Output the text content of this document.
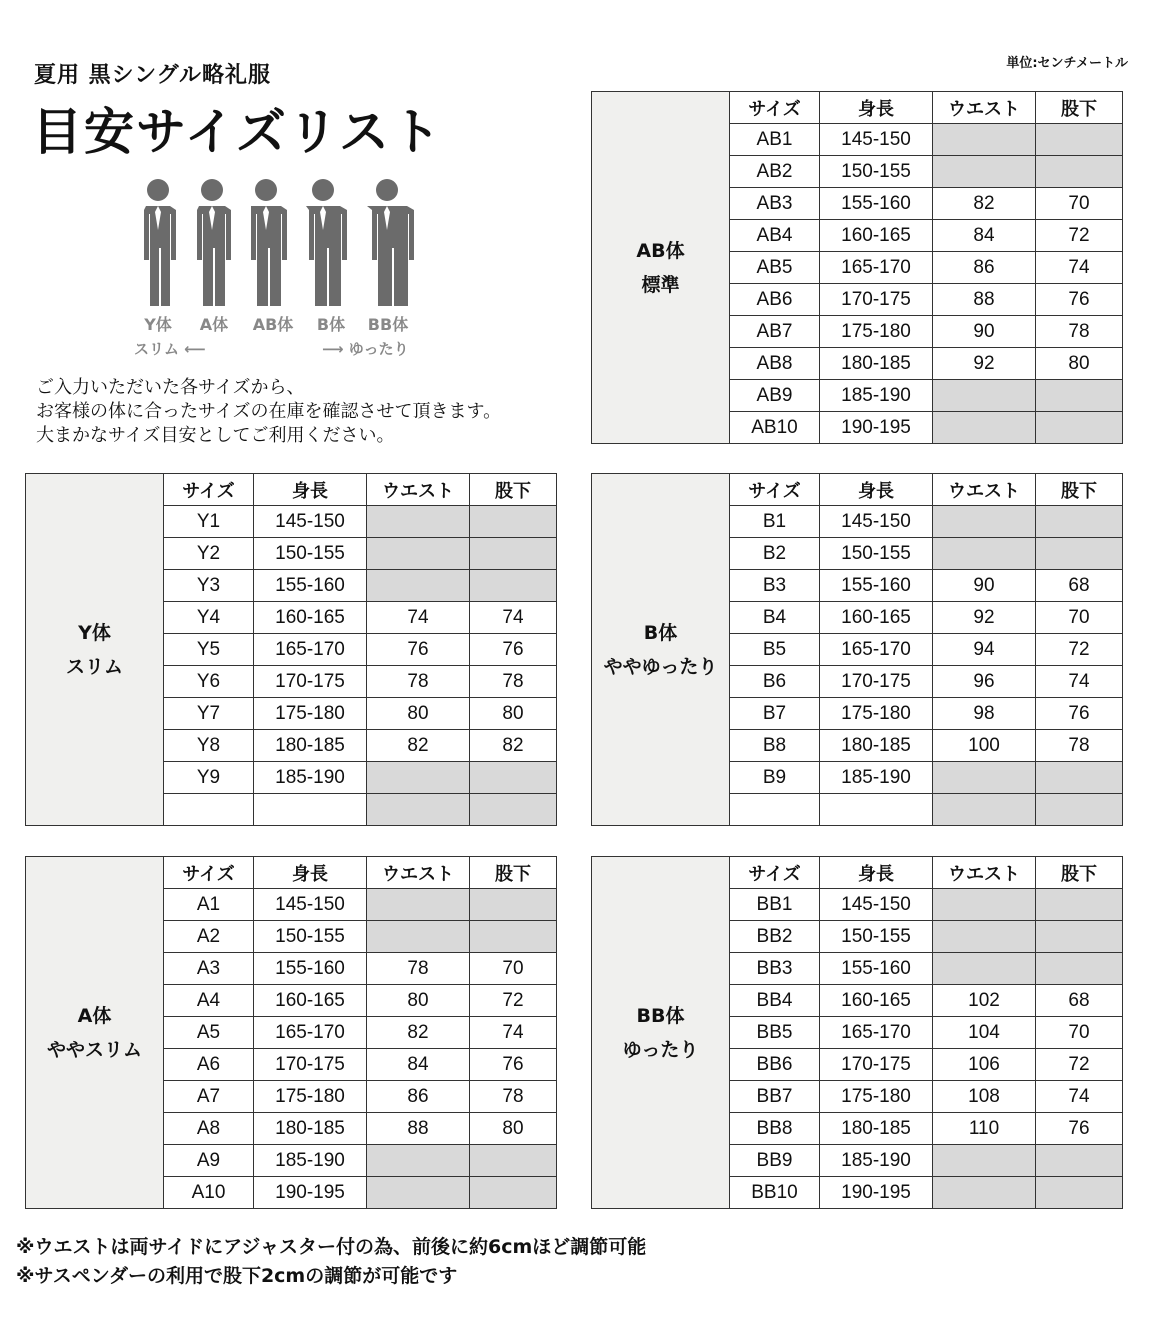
単位:センチメートル
夏用 黒シングル略礼服
目安サイズリスト
Y体	A体	AB体	B体	BB体
スリム ⟵	⟶ ゆったり
ご入力いただいた各サイズから、
お客様の体に合ったサイズの在庫を確認させて頂きます。
大まかなサイズ目安としてご利用ください。
AB体
標準	サイズ	身長	ウエスト	股下
	AB1	145-150		
	AB2	150-155		
	AB3	155-160	82	70
	AB4	160-165	84	72
	AB5	165-170	86	74
	AB6	170-175	88	76
	AB7	175-180	90	78
	AB8	180-185	92	80
	AB9	185-190		
	AB10	190-195		
Y体
スリム	サイズ	身長	ウエスト	股下
	Y1	145-150		
	Y2	150-155		
	Y3	155-160		
	Y4	160-165	74	74
	Y5	165-170	76	76
	Y6	170-175	78	78
	Y7	175-180	80	80
	Y8	180-185	82	82
	Y9	185-190		

B体
ややゆったり	サイズ	身長	ウエスト	股下
	B1	145-150		
	B2	150-155		
	B3	155-160	90	68
	B4	160-165	92	70
	B5	165-170	94	72
	B6	170-175	96	74
	B7	175-180	98	76
	B8	180-185	100	78
	B9	185-190		

A体
ややスリム	サイズ	身長	ウエスト	股下
	A1	145-150		
	A2	150-155		
	A3	155-160	78	70
	A4	160-165	80	72
	A5	165-170	82	74
	A6	170-175	84	76
	A7	175-180	86	78
	A8	180-185	88	80
	A9	185-190		
	A10	190-195		
BB体
ゆったり	サイズ	身長	ウエスト	股下
	BB1	145-150		
	BB2	150-155		
	BB3	155-160		
	BB4	160-165	102	68
	BB5	165-170	104	70
	BB6	170-175	106	72
	BB7	175-180	108	74
	BB8	180-185	110	76
	BB9	185-190		
	BB10	190-195		
※ウエストは両サイドにアジャスター付の為、前後に約6cmほど調節可能
※サスペンダーの利用で股下2cmの調節が可能です
